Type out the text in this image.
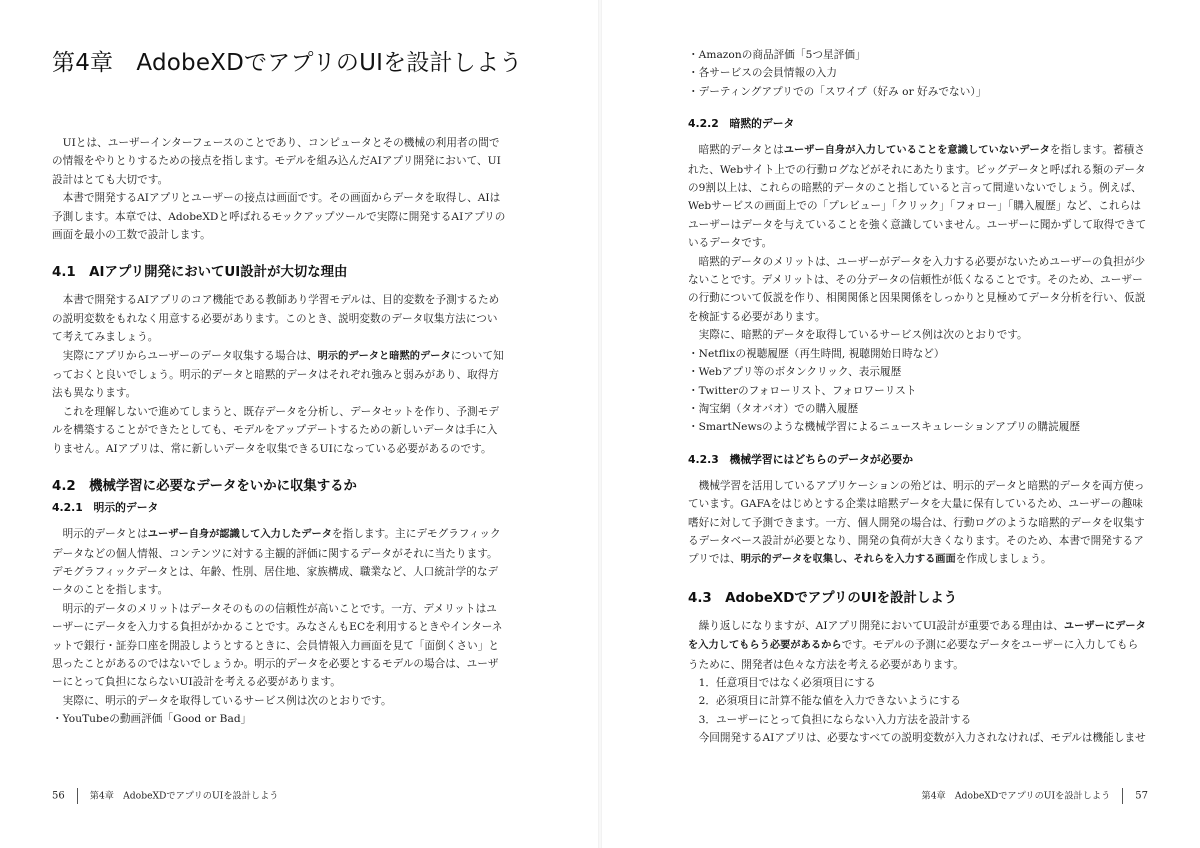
第4章　AdobeXDでアプリのUIを設計しよう

UIとは、ユーザーインターフェースのことであり、コンピュータとその機械の利用者の間での情報をやりとりするための接点を指します。モデルを組み込んだAIアプリ開発において、UI設計はとても大切です。

本書で開発するAIアプリとユーザーの接点は画面です。その画面からデータを取得し、AIは予測します。本章では、AdobeXDと呼ばれるモックアップツールで実際に開発するAIアプリの画面を最小の工数で設計します。

4.1　AIアプリ開発においてUI設計が大切な理由

本書で開発するAIアプリのコア機能である教師あり学習モデルは、目的変数を予測するための説明変数をもれなく用意する必要があります。このとき、説明変数のデータ収集方法について考えてみましょう。

実際にアプリからユーザーのデータ収集する場合は、明示的データと暗黙的データについて知っておくと良いでしょう。明示的データと暗黙的データはそれぞれ強みと弱みがあり、取得方法も異なります。

これを理解しないで進めてしまうと、既存データを分析し、データセットを作り、予測モデルを構築することができたとしても、モデルをアップデートするための新しいデータは手に入りません。AIアプリは、常に新しいデータを収集できるUIになっている必要があるのです。

4.2　機械学習に必要なデータをいかに収集するか
4.2.1　明示的データ

明示的データとはユーザー自身が認識して入力したデータを指します。主にデモグラフィックデータなどの個人情報、コンテンツに対する主観的評価に関するデータがそれに当たります。デモグラフィックデータとは、年齢、性別、居住地、家族構成、職業など、人口統計学的なデータのことを指します。

明示的データのメリットはデータそのものの信頼性が高いことです。一方、デメリットはユーザーにデータを入力する負担がかかることです。みなさんもECを利用するときやインターネットで銀行・証券口座を開設しようとするときに、会員情報入力画面を見て「面倒くさい」と思ったことがあるのではないでしょうか。明示的データを必要とするモデルの場合は、ユーザーにとって負担にならないUI設計を考える必要があります。

実際に、明示的データを取得しているサービス例は次のとおりです。

・YouTubeの動画評価「Good or Bad」

56	第4章　AdobeXDでアプリのUIを設計しよう

・Amazonの商品評価「5つ星評価」

・各サービスの会員情報の入力

・デーティングアプリでの「スワイプ（好み or 好みでない）」

4.2.2　暗黙的データ

暗黙的データとはユーザー自身が入力していることを意識していないデータを指します。蓄積された、Webサイト上での行動ログなどがそれにあたります。ビッグデータと呼ばれる類のデータの9割以上は、これらの暗黙的データのこと指していると言って間違いないでしょう。例えば、Webサービスの画面上での「プレビュー」「クリック」「フォロー」「購入履歴」など、これらはユーザーはデータを与えていることを強く意識していません。ユーザーに聞かずして取得できているデータです。

暗黙的データのメリットは、ユーザーがデータを入力する必要がないためユーザーの負担が少ないことです。デメリットは、その分データの信頼性が低くなることです。そのため、ユーザーの行動について仮説を作り、相関関係と因果関係をしっかりと見極めてデータ分析を行い、仮説を検証する必要があります。

実際に、暗黙的データを取得しているサービス例は次のとおりです。

・Netflixの視聴履歴（再生時間, 視聴開始日時など）

・Webアプリ等のボタンクリック、表示履歴

・Twitterのフォローリスト、フォロワーリスト

・淘宝網（タオバオ）での購入履歴

・SmartNewsのような機械学習によるニュースキュレーションアプリの購読履歴

4.2.3　機械学習にはどちらのデータが必要か

機械学習を活用しているアプリケーションの殆どは、明示的データと暗黙的データを両方使っています。GAFAをはじめとする企業は暗黙データを大量に保有しているため、ユーザーの趣味嗜好に対して予測できます。一方、個人開発の場合は、行動ログのような暗黙的データを収集するデータベース設計が必要となり、開発の負荷が大きくなります。そのため、本書で開発するアプリでは、明示的データを収集し、それらを入力する画面を作成しましょう。

4.3　AdobeXDでアプリのUIを設計しよう

繰り返しになりますが、AIアプリ開発においてUI設計が重要である理由は、ユーザーにデータを入力してもらう必要があるからです。モデルの予測に必要なデータをユーザーに入力してもらうために、開発者は色々な方法を考える必要があります。

1．任意項目ではなく必須項目にする

2．必須項目に計算不能な値を入力できないようにする

3．ユーザーにとって負担にならない入力方法を設計する

今回開発するAIアプリは、必要なすべての説明変数が入力されなければ、モデルは機能しませ

第4章　AdobeXDでアプリのUIを設計しよう	57
